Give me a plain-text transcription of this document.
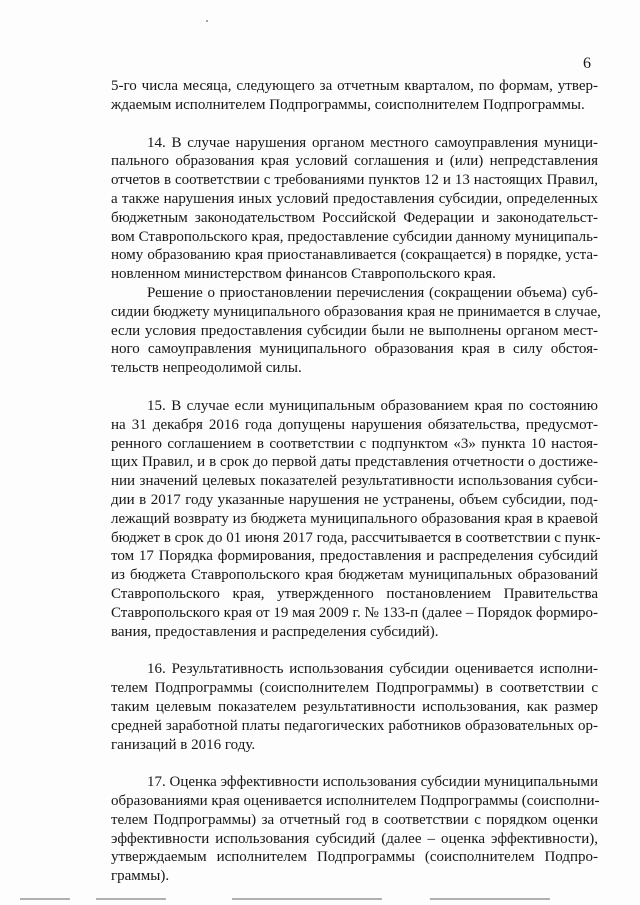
6
5-го числа месяца, следующего за отчетным кварталом, по формам, утвер-
ждаемым исполнителем Подпрограммы, соисполнителем Подпрограммы.
14. В случае нарушения органом местного самоуправления муници-
пального образования края условий соглашения и (или) непредставления
отчетов в соответствии с требованиями пунктов 12 и 13 настоящих Правил,
а также нарушения иных условий предоставления субсидии, определенных
бюджетным законодательством Российской Федерации и законодательст-
вом Ставропольского края, предоставление субсидии данному муниципаль-
ному образованию края приостанавливается (сокращается) в порядке, уста-
новленном министерством финансов Ставропольского края.
Решение о приостановлении перечисления (сокращении объема) суб-
сидии бюджету муниципального образования края не принимается в случае,
если условия предоставления субсидии были не выполнены органом мест-
ного самоуправления муниципального образования края в силу обстоя-
тельств непреодолимой силы.
15. В случае если муниципальным образованием края по состоянию
на 31 декабря 2016 года допущены нарушения обязательства, предусмот-
ренного соглашением в соответствии с подпунктом «3» пункта 10 настоя-
щих Правил, и в срок до первой даты представления отчетности о достиже-
нии значений целевых показателей результативности использования субси-
дии в 2017 году указанные нарушения не устранены, объем субсидии, под-
лежащий возврату из бюджета муниципального образования края в краевой
бюджет в срок до 01 июня 2017 года, рассчитывается в соответствии с пунк-
том 17 Порядка формирования, предоставления и распределения субсидий
из бюджета Ставропольского края бюджетам муниципальных образований
Ставропольского края, утвержденного постановлением Правительства
Ставропольского края от 19 мая 2009 г. № 133-п (далее – Порядок формиро-
вания, предоставления и распределения субсидий).
16. Результативность использования субсидии оценивается исполни-
телем Подпрограммы (соисполнителем Подпрограммы) в соответствии с
таким целевым показателем результативности использования, как размер
средней заработной платы педагогических работников образовательных ор-
ганизаций в 2016 году.
17. Оценка эффективности использования субсидии муниципальными
образованиями края оценивается исполнителем Подпрограммы (соисполни-
телем Подпрограммы) за отчетный год в соответствии с порядком оценки
эффективности использования субсидий (далее – оценка эффективности),
утверждаемым исполнителем Подпрограммы (соисполнителем Подпро-
граммы).
